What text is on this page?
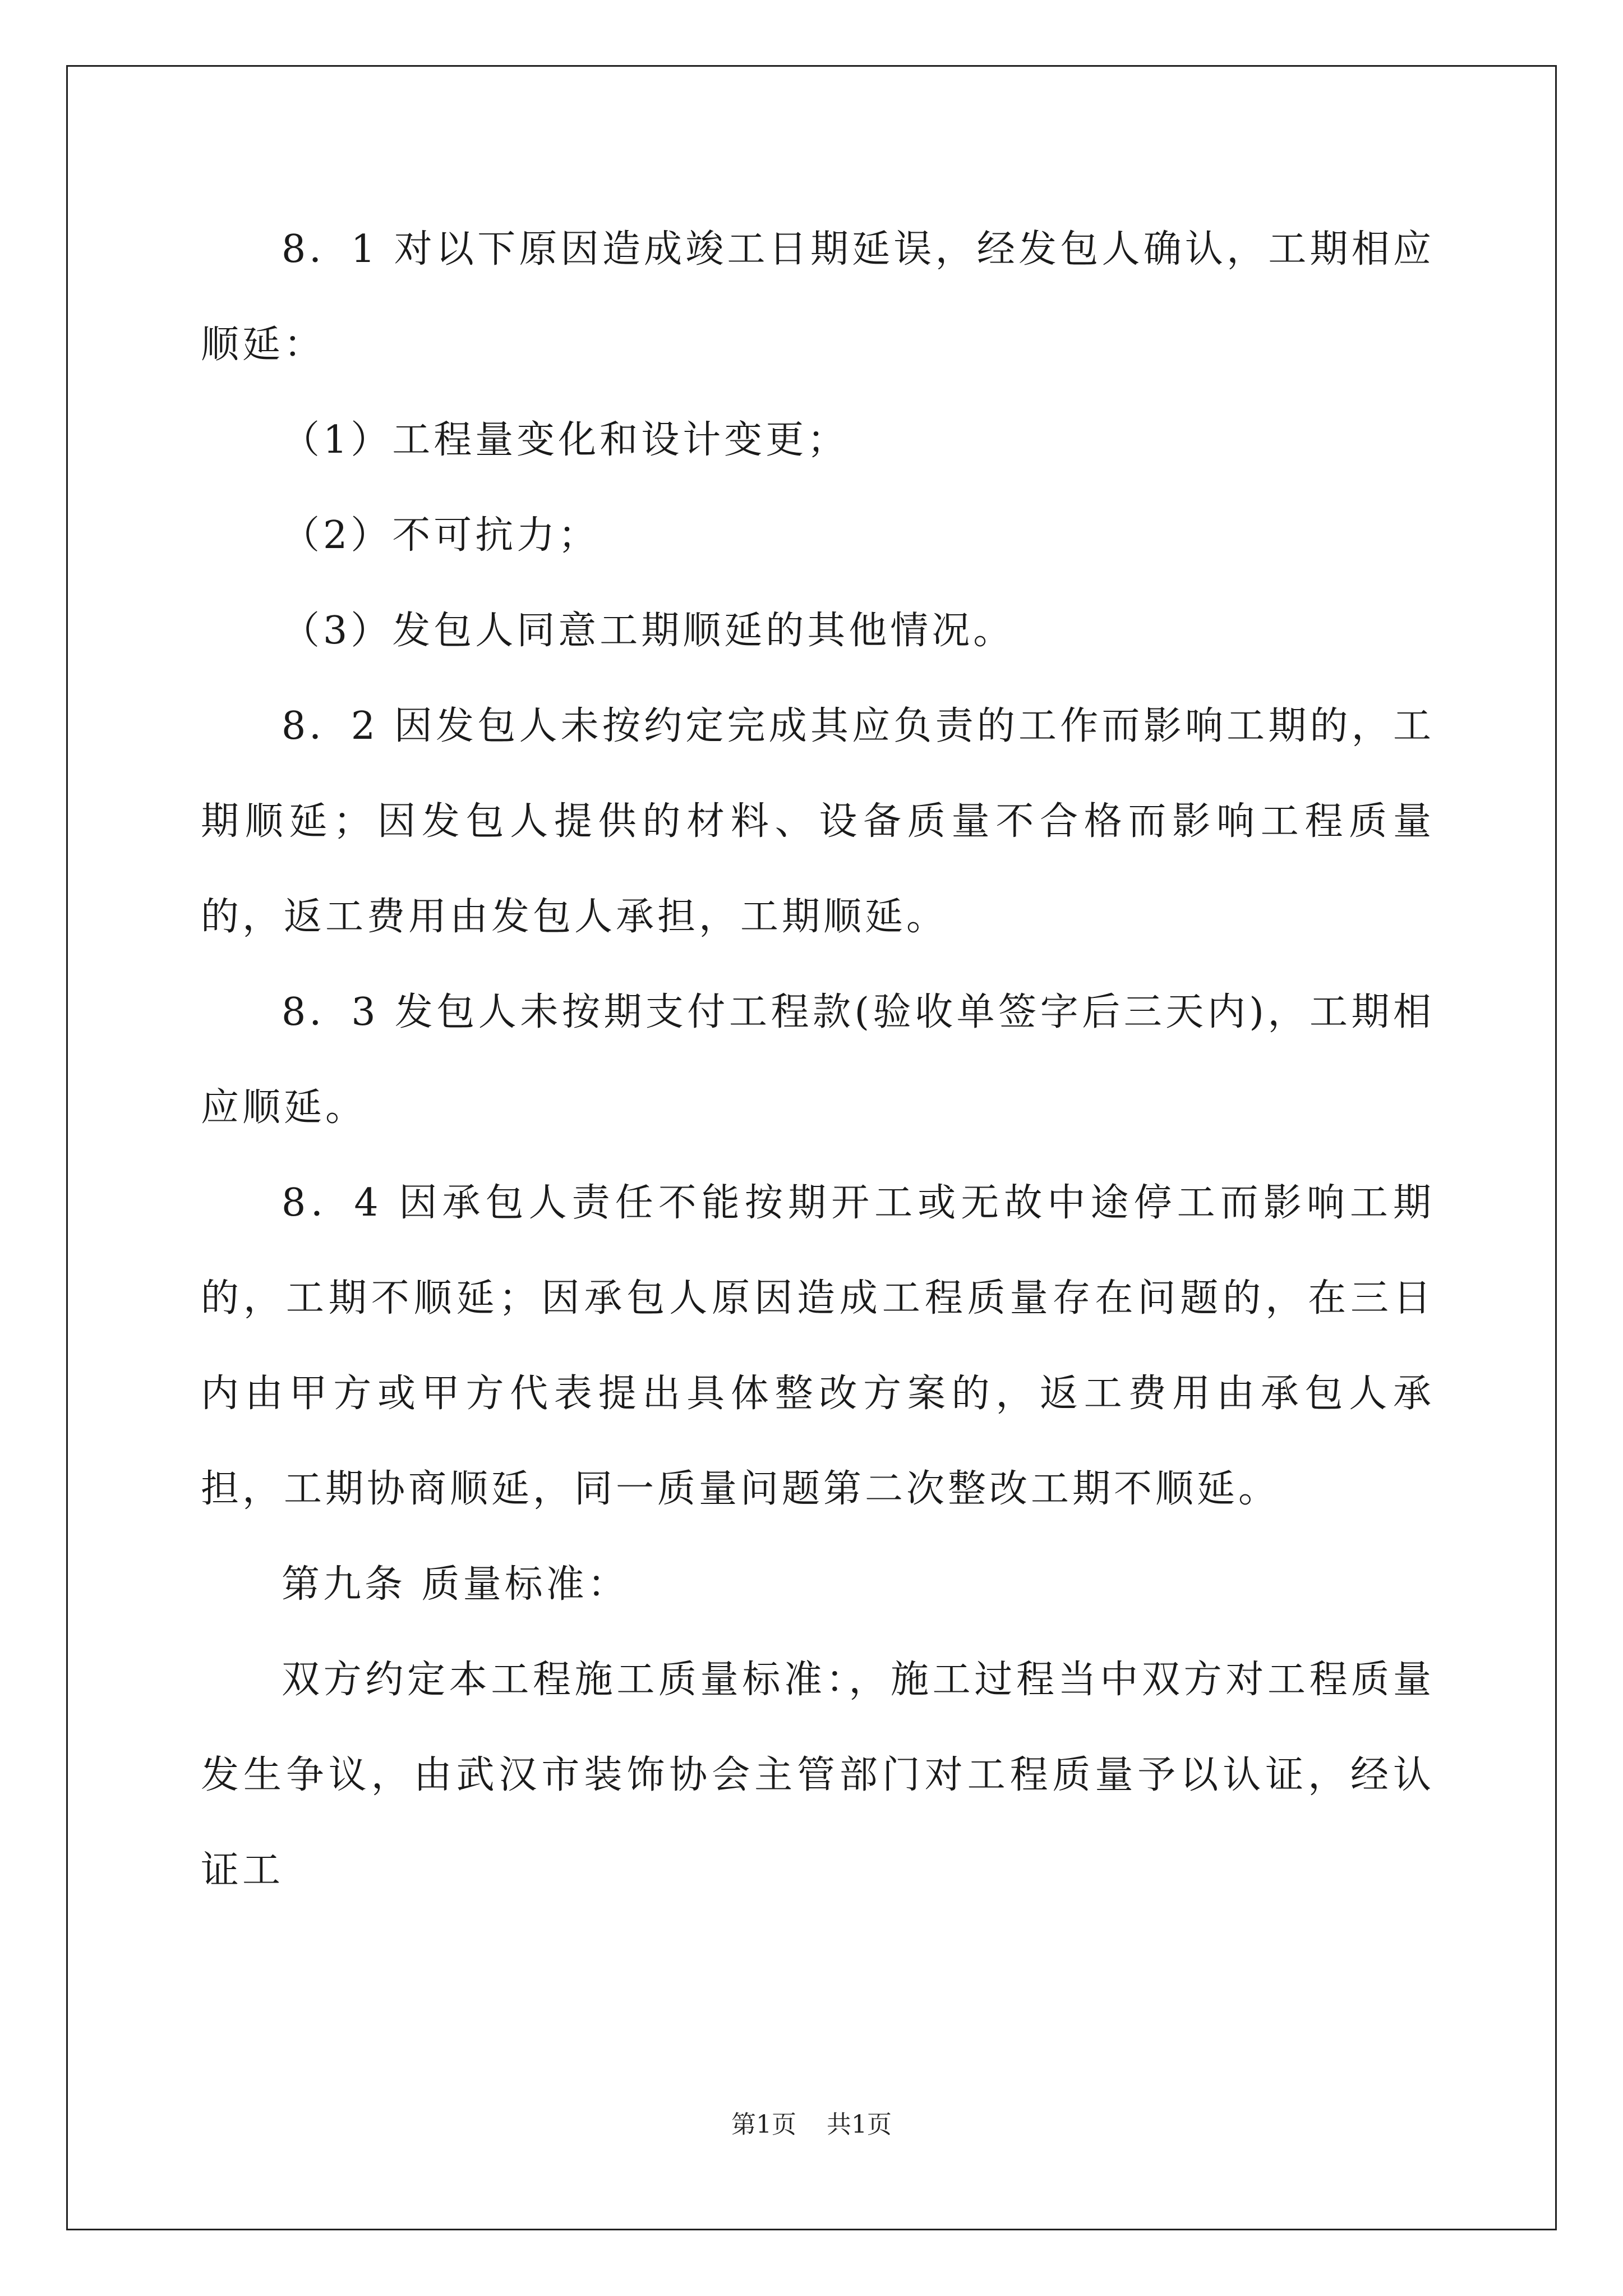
8．1 对以下原因造成竣工日期延误，经发包人确认，工期相应顺延：

（1）工程量变化和设计变更；

（2）不可抗力；

（3）发包人同意工期顺延的其他情况。

8．2 因发包人未按约定完成其应负责的工作而影响工期的，工期顺延；因发包人提供的材料、设备质量不合格而影响工程质量的，返工费用由发包人承担，工期顺延。

8．3 发包人未按期支付工程款(验收单签字后三天内)，工期相应顺延。

8．4 因承包人责任不能按期开工或无故中途停工而影响工期的，工期不顺延；因承包人原因造成工程质量存在问题的，在三日内由甲方或甲方代表提出具体整改方案的，返工费用由承包人承担，工期协商顺延，同一质量问题第二次整改工期不顺延。

第九条 质量标准：

双方约定本工程施工质量标准：，施工过程当中双方对工程质量发生争议，由武汉市装饰协会主管部门对工程质量予以认证，经认证工

第1页 共1页
